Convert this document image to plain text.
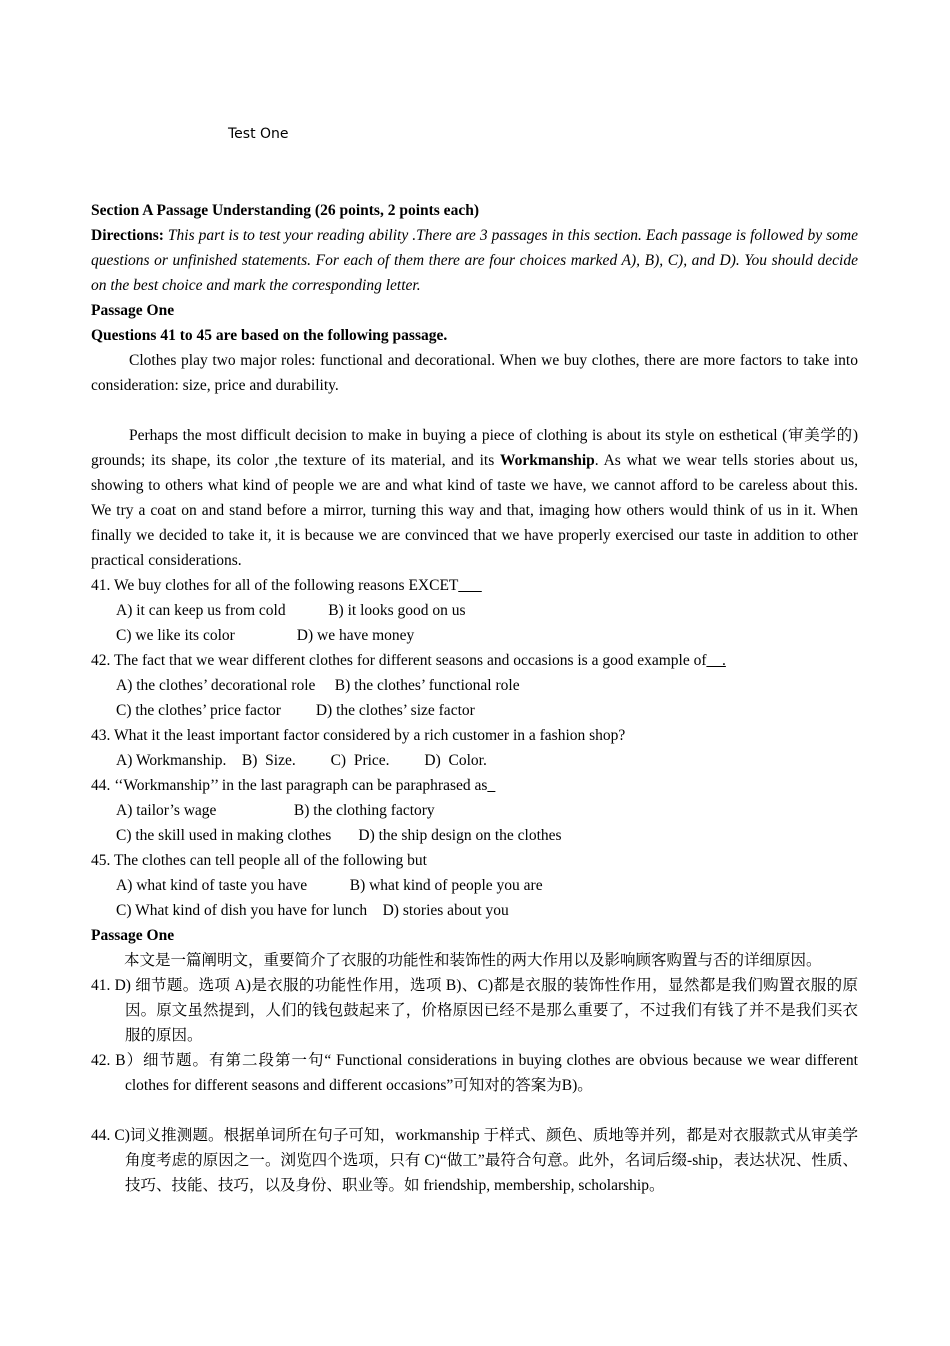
Test One

Section A Passage Understanding (26 points, 2 points each)

Directions: This part is to test your reading ability .There are 3 passages in this section. Each passage is followed by some questions or unfinished statements. For each of them there are four choices marked A), B), C), and D). You should decide on the best choice and mark the corresponding letter.

Passage One

Questions 41 to 45 are based on the following passage.

Clothes play two major roles: functional and decorational. When we buy clothes, there are more factors to take into consideration: size, price and durability.

Perhaps the most difficult decision to make in buying a piece of clothing is about its style on esthetical (审美学的) grounds; its shape, its color ,the texture of its material, and its Workmanship. As what we wear tells stories about us, showing to others what kind of people we are and what kind of taste we have, we cannot afford to be careless about this. We try a coat on and stand before a mirror, turning this way and that, imaging how others would think of us in it. When finally we decided to take it, it is because we are convinced that we have properly exercised our taste in addition to other practical considerations.

41. We buy clothes for all of the following reasons EXCET___

A) it can keep us from cold           B) it looks good on us

C) we like its color                D) we have money

42. The fact that we wear different clothes for different seasons and occasions is a good example of__.

A) the clothes’ decorational role     B) the clothes’ functional role

C) the clothes’ price factor         D) the clothes’ size factor

43. What it the least important factor considered by a rich customer in a fashion shop?

A) Workmanship.    B)  Size.         C)  Price.         D)  Color.

44. ‘‘Workmanship’’ in the last paragraph can be paraphrased as_

A) tailor’s wage                    B) the clothing factory

C) the skill used in making clothes       D) the ship design on the clothes

45. The clothes can tell people all of the following but

A) what kind of taste you have           B) what kind of people you are

C) What kind of dish you have for lunch    D) stories about you

Passage One

本文是一篇阐明文，重要简介了衣服的功能性和装饰性的两大作用以及影响顾客购置与否的详细原因。

41. D) 细节题。选项 A)是衣服的功能性作用，选项 B)、C)都是衣服的装饰性作用，显然都是我们购置衣服的原因。原文虽然提到，人们的钱包鼓起来了，价格原因已经不是那么重要了，不过我们有钱了并不是我们买衣服的原因。

42. B）细节题。有第二段第一句“ Functional considerations in buying clothes are obvious because we wear different clothes for different seasons and different occasions”可知对的答案为B)。

44. C)词义推测题。根据单词所在句子可知，workmanship 于样式、颜色、质地等并列，都是对衣服款式从审美学角度考虑的原因之一。浏览四个选项，只有 C)“做工”最符合句意。此外，名词后缀-ship，表达状况、性质、技巧、技能、技巧，以及身份、职业等。如 friendship, membership, scholarship。
